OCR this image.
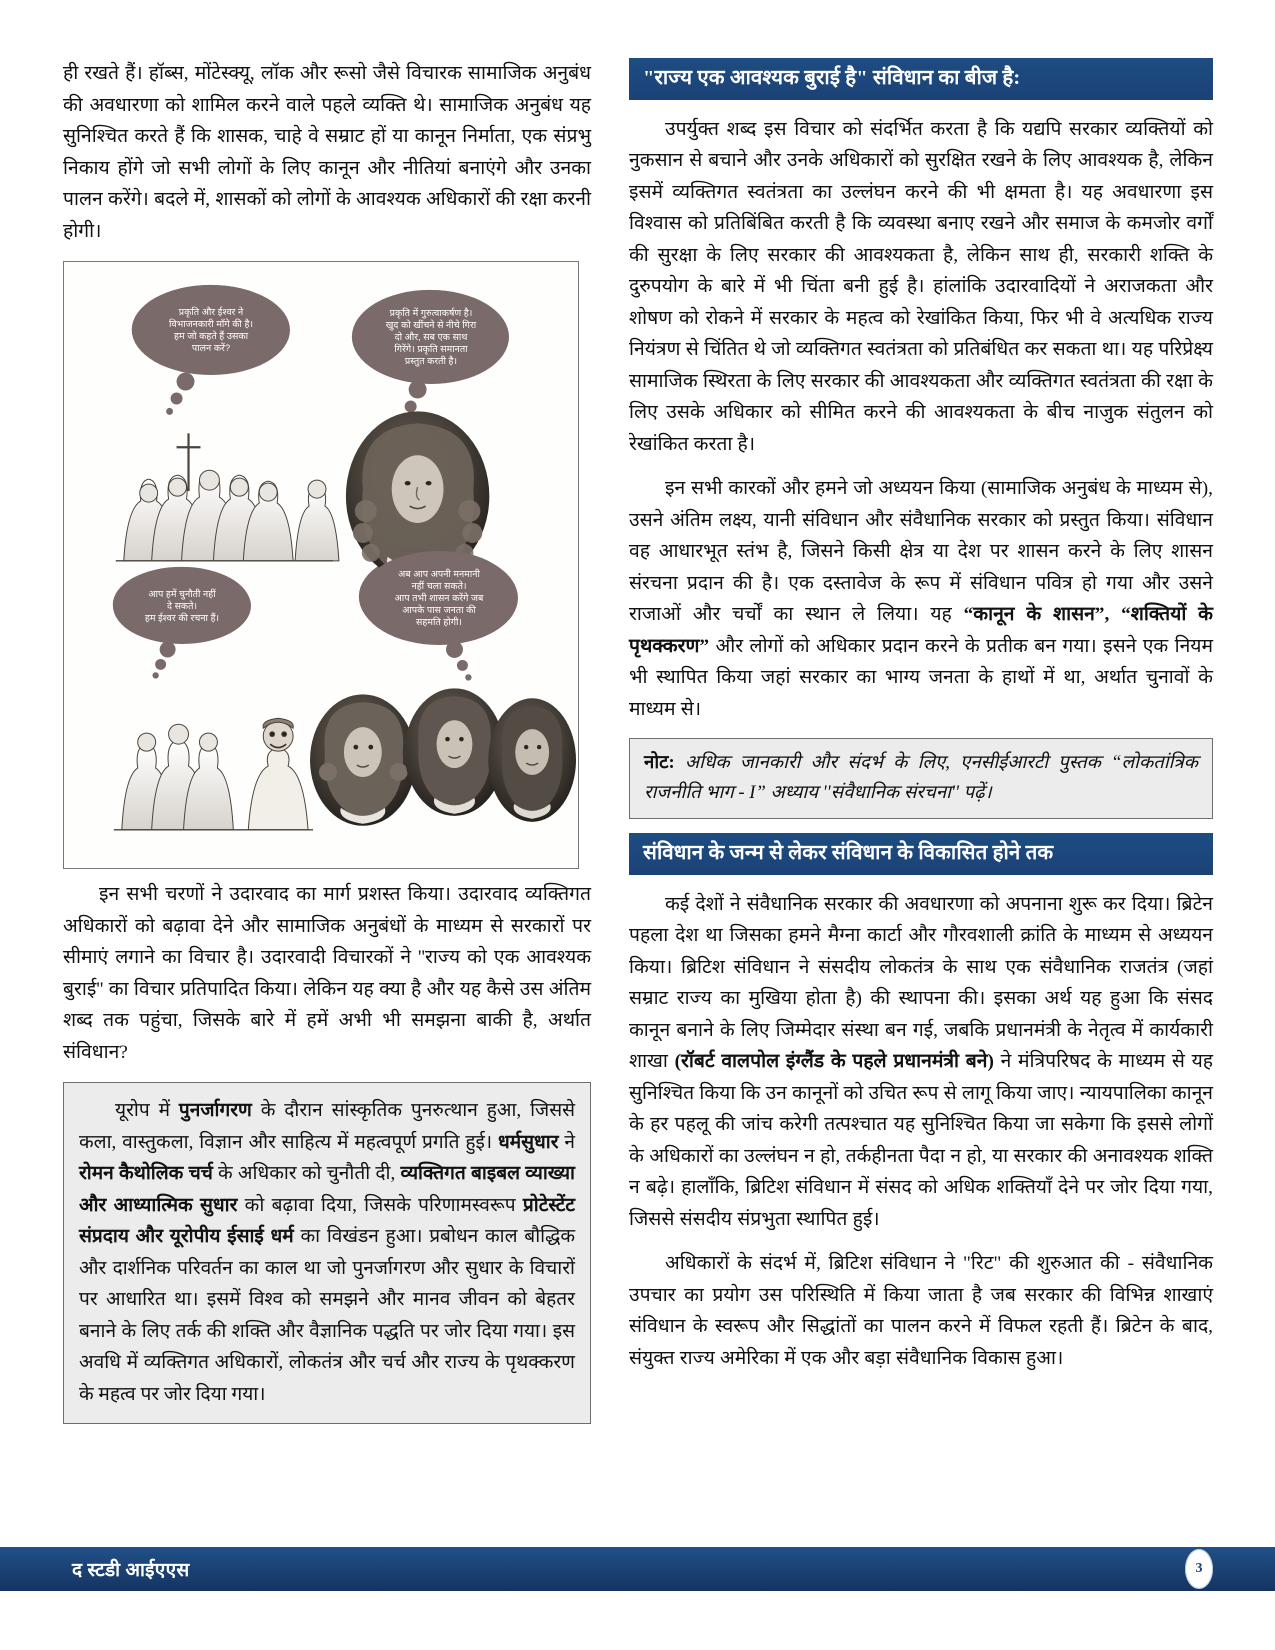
ही रखते हैं। हॉब्स, मोंटेस्क्यू, लॉक और रूसो जैसे विचारक सामाजिक अनुबंध की अवधारणा को शामिल करने वाले पहले व्यक्ति थे। सामाजिक अनुबंध यह सुनिश्चित करते हैं कि शासक, चाहे वे सम्राट हों या कानून निर्माता, एक संप्रभु निकाय होंगे जो सभी लोगों के लिए कानून और नीतियां बनाएंगे और उनका पालन करेंगे। बदले में, शासकों को लोगों के आवश्यक अधिकारों की रक्षा करनी होगी।

प्रकृति और ईश्वर ने
विभाजनकारी माँगे की है।
हम जो कहते हैं उसका
पालन करें?
प्रकृति में गुरुत्वाकर्षण है।
खुद को खींचने से नीचे गिरा
दो और, सब एक साथ
गिरेंगे। प्रकृति समानता
प्रस्तुत करती है।
आप हमें चुनौती नहीं
दे सकते।
हम ईश्वर की रचना हैं।
अब आप अपनी मनमानी
नहीं चला सकते।
आप तभी शासन करेंगे जब
आपके पास जनता की
सहमति होगी।

इन सभी चरणों ने उदारवाद का मार्ग प्रशस्त किया। उदारवाद व्यक्तिगत अधिकारों को बढ़ावा देने और सामाजिक अनुबंधों के माध्यम से सरकारों पर सीमाएं लगाने का विचार है। उदारवादी विचारकों ने ''राज्य को एक आवश्यक बुराई'' का विचार प्रतिपादित किया। लेकिन यह क्या है और यह कैसे उस अंतिम शब्द तक पहुंचा, जिसके बारे में हमें अभी भी समझना बाकी है, अर्थात संविधान?

यूरोप में पुनर्जागरण के दौरान सांस्कृतिक पुनरुत्थान हुआ, जिससे कला, वास्तुकला, विज्ञान और साहित्य में महत्वपूर्ण प्रगति हुई। धर्मसुधार ने रोमन कैथोलिक चर्च के अधिकार को चुनौती दी, व्यक्तिगत बाइबल व्याख्या और आध्यात्मिक सुधार को बढ़ावा दिया, जिसके परिणामस्वरूप प्रोटेस्टेंट संप्रदाय और यूरोपीय ईसाई धर्म का विखंडन हुआ। प्रबोधन काल बौद्धिक और दार्शनिक परिवर्तन का काल था जो पुनर्जागरण और सुधार के विचारों पर आधारित था। इसमें विश्व को समझने और मानव जीवन को बेहतर बनाने के लिए तर्क की शक्ति और वैज्ञानिक पद्धति पर जोर दिया गया। इस अवधि में व्यक्तिगत अधिकारों, लोकतंत्र और चर्च और राज्य के पृथक्करण के महत्व पर जोर दिया गया।

"राज्य एक आवश्यक बुराई है" संविधान का बीज है:

उपर्युक्त शब्द इस विचार को संदर्भित करता है कि यद्यपि सरकार व्यक्तियों को नुकसान से बचाने और उनके अधिकारों को सुरक्षित रखने के लिए आवश्यक है, लेकिन इसमें व्यक्तिगत स्वतंत्रता का उल्लंघन करने की भी क्षमता है। यह अवधारणा इस विश्वास को प्रतिबिंबित करती है कि व्यवस्था बनाए रखने और समाज के कमजोर वर्गों की सुरक्षा के लिए सरकार की आवश्यकता है, लेकिन साथ ही, सरकारी शक्ति के दुरुपयोग के बारे में भी चिंता बनी हुई है। हांलांकि उदारवादियों ने अराजकता और शोषण को रोकने में सरकार के महत्व को रेखांकित किया, फिर भी वे अत्यधिक राज्य नियंत्रण से चिंतित थे जो व्यक्तिगत स्वतंत्रता को प्रतिबंधित कर सकता था। यह परिप्रेक्ष्य सामाजिक स्थिरता के लिए सरकार की आवश्यकता और व्यक्तिगत स्वतंत्रता की रक्षा के लिए उसके अधिकार को सीमित करने की आवश्यकता के बीच नाजुक संतुलन को रेखांकित करता है।

इन सभी कारकों और हमने जो अध्ययन किया (सामाजिक अनुबंध के माध्यम से), उसने अंतिम लक्ष्य, यानी संविधान और संवैधानिक सरकार को प्रस्तुत किया। संविधान वह आधारभूत स्तंभ है, जिसने किसी क्षेत्र या देश पर शासन करने के लिए शासन संरचना प्रदान की है। एक दस्तावेज के रूप में संविधान पवित्र हो गया और उसने राजाओं और चर्चों का स्थान ले लिया। यह “कानून के शासन”, “शक्तियों के पृथक्करण” और लोगों को अधिकार प्रदान करने के प्रतीक बन गया। इसने एक नियम भी स्थापित किया जहां सरकार का भाग्य जनता के हाथों में था, अर्थात चुनावों के माध्यम से।

नोट: अधिक जानकारी और संदर्भ के लिए, एनसीईआरटी पुस्तक “लोकतांत्रिक राजनीति भाग - I” अध्याय ''संवैधानिक संरचना'' पढ़ें।

संविधान के जन्म से लेकर संविधान के विकासित होने तक

कई देशों ने संवैधानिक सरकार की अवधारणा को अपनाना शुरू कर दिया। ब्रिटेन पहला देश था जिसका हमने मैग्ना कार्टा और गौरवशाली क्रांति के माध्यम से अध्ययन किया। ब्रिटिश संविधान ने संसदीय लोकतंत्र के साथ एक संवैधानिक राजतंत्र (जहां सम्राट राज्य का मुखिया होता है) की स्थापना की। इसका अर्थ यह हुआ कि संसद कानून बनाने के लिए जिम्मेदार संस्था बन गई, जबकि प्रधानमंत्री के नेतृत्व में कार्यकारी शाखा (रॉबर्ट वालपोल इंग्लैंड के पहले प्रधानमंत्री बने) ने मंत्रिपरिषद के माध्यम से यह सुनिश्चित किया कि उन कानूनों को उचित रूप से लागू किया जाए। न्यायपालिका कानून के हर पहलू की जांच करेगी तत्पश्चात यह सुनिश्चित किया जा सकेगा कि इससे लोगों के अधिकारों का उल्लंघन न हो, तर्कहीनता पैदा न हो, या सरकार की अनावश्यक शक्ति न बढ़े। हालाँकि, ब्रिटिश संविधान में संसद को अधिक शक्तियाँ देने पर जोर दिया गया, जिससे संसदीय संप्रभुता स्थापित हुई।

अधिकारों के संदर्भ में, ब्रिटिश संविधान ने "रिट" की शुरुआत की - संवैधानिक उपचार का प्रयोग उस परिस्थिति में किया जाता है जब सरकार की विभिन्न शाखाएं संविधान के स्वरूप और सिद्धांतों का पालन करने में विफल रहती हैं। ब्रिटेन के बाद, संयुक्त राज्य अमेरिका में एक और बड़ा संवैधानिक विकास हुआ।

द स्टडी आईएएस	3
